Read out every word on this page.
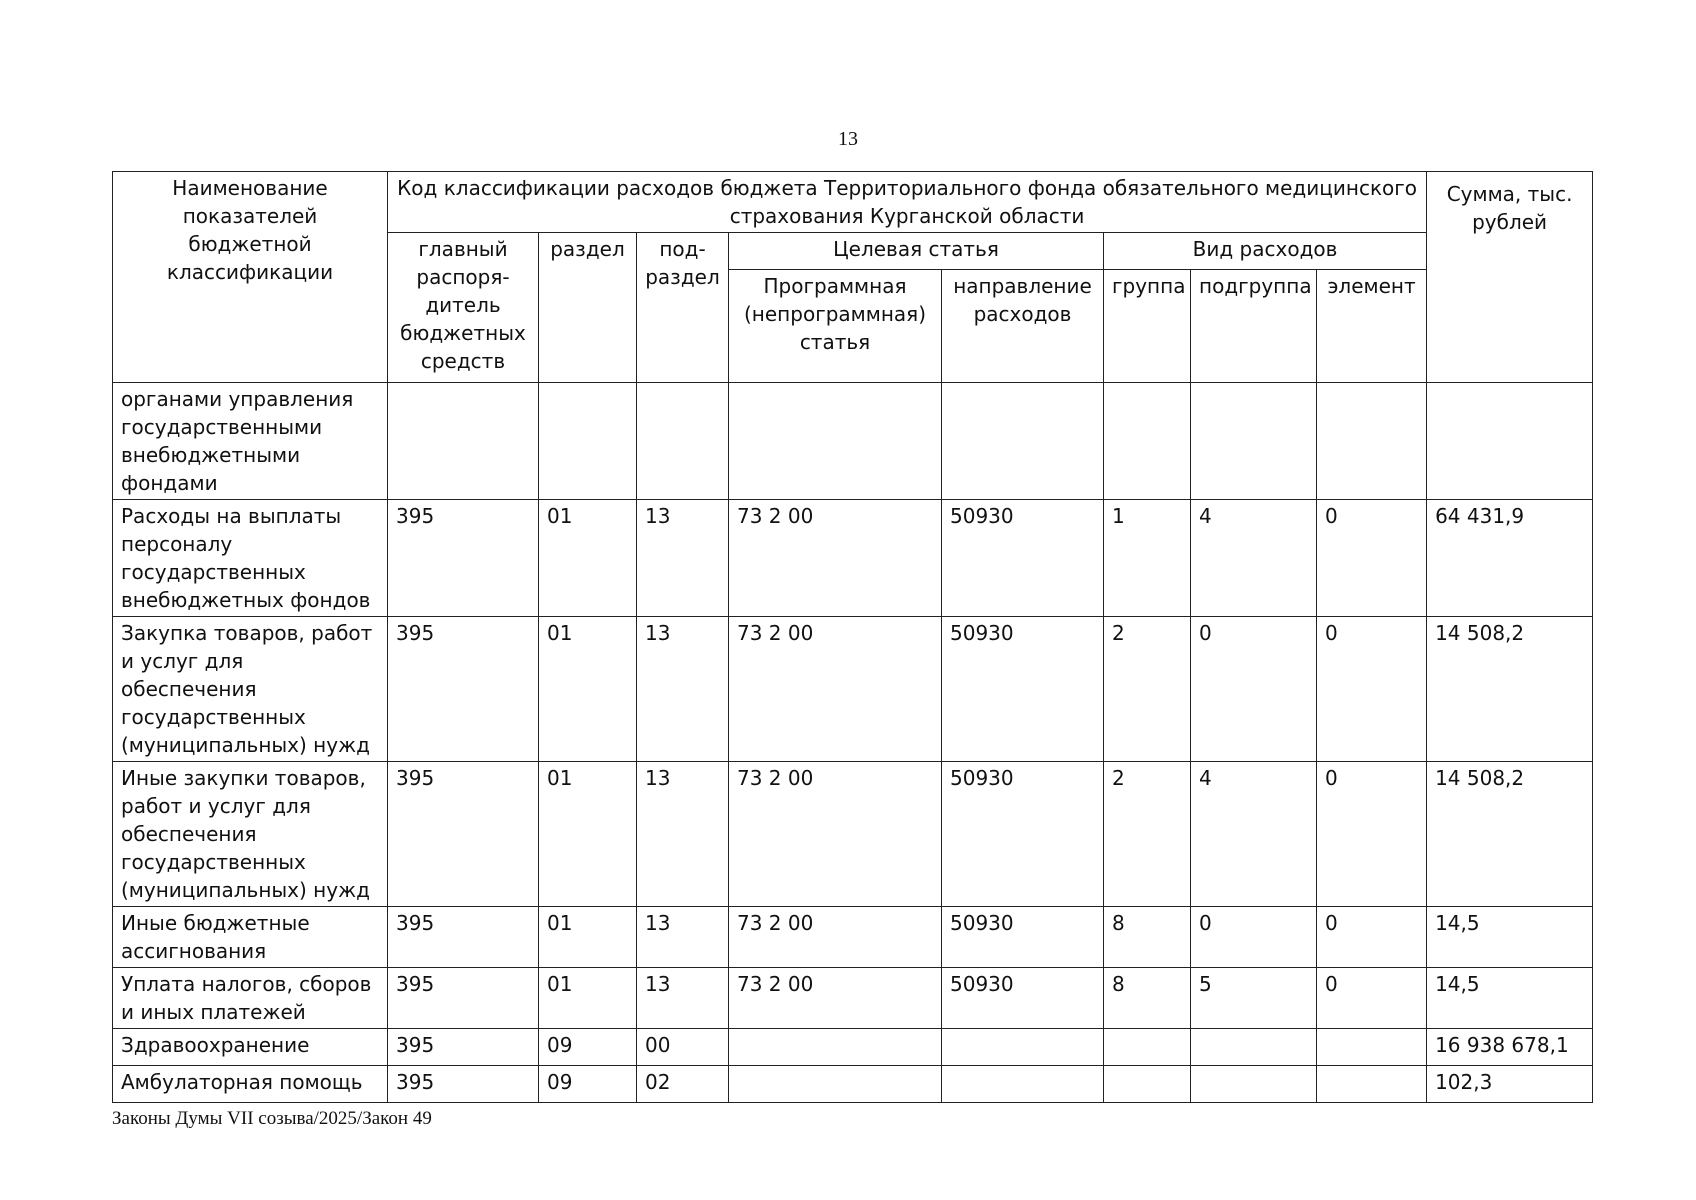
13
Наименование показателей бюджетной классификации	Код классификации расходов бюджета Территориального фонда обязательного медицинского страхования Курганской области								Сумма, тыс. рублей
	главный распоря-дитель бюджетных средств	раздел	под-раздел	Целевая статья		Вид расходов			
				Программная (непрограммная) статья	направление расходов	группа	подгруппа	элемент	
органами управления государственными внебюджетными фондами									
Расходы на выплаты персоналу государственных внебюджетных фондов	395	01	13	73 2 00	50930	1	4	0	64 431,9
Закупка товаров, работ и услуг для обеспечения государственных (муниципальных) нужд	395	01	13	73 2 00	50930	2	0	0	14 508,2
Иные закупки товаров, работ и услуг для обеспечения государственных (муниципальных) нужд	395	01	13	73 2 00	50930	2	4	0	14 508,2
Иные бюджетные ассигнования	395	01	13	73 2 00	50930	8	0	0	14,5
Уплата налогов, сборов и иных платежей	395	01	13	73 2 00	50930	8	5	0	14,5
Здравоохранение	395	09	00						16 938 678,1
Амбулаторная помощь	395	09	02						102,3
Законы Думы VII созыва/2025/Закон 49
